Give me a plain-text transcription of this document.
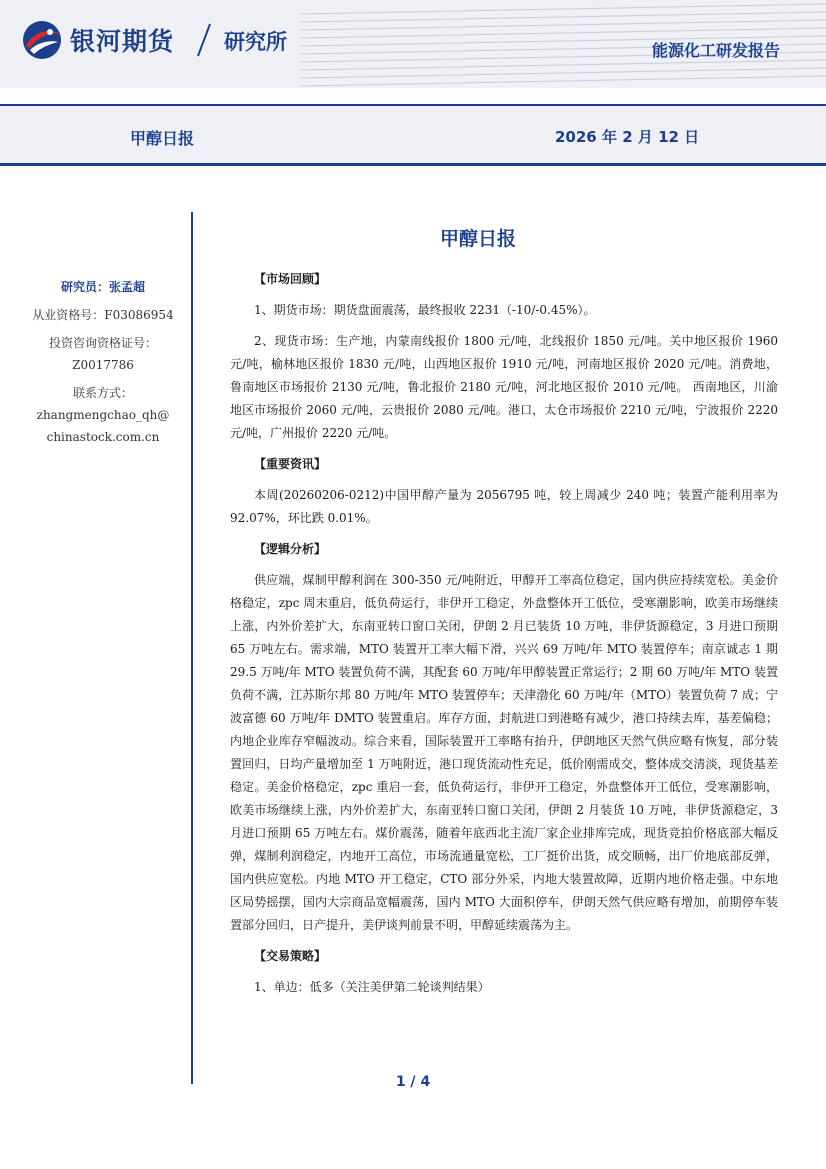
银河期货 研究所	能源化工研发报告
甲醇日报	2026 年 2 月 12 日
研究员：张孟超
从业资格号：F03086954
投资咨询资格证号：
Z0017786
联系方式：
zhangmengchao_qh@
chinastock.com.cn
甲醇日报
【市场回顾】

1、期货市场：期货盘面震荡，最终报收 2231（-10/-0.45%）。

2、现货市场：生产地，内蒙南线报价 1800 元/吨，北线报价 1850 元/吨。关中地区报价 1960 元/吨，榆林地区报价 1830 元/吨，山西地区报价 1910 元/吨，河南地区报价 2020 元/吨。消费地，鲁南地区市场报价 2130 元/吨，鲁北报价 2180 元/吨，河北地区报价 2010 元/吨。 西南地区，川渝地区市场报价 2060 元/吨，云贵报价 2080 元/吨。港口，太仓市场报价 2210 元/吨，宁波报价 2220 元/吨，广州报价 2220 元/吨。

【重要资讯】

本周(20260206-0212)中国甲醇产量为 2056795 吨，较上周减少 240 吨；装置产能利用率为 92.07%，环比跌 0.01%。

【逻辑分析】

供应端，煤制甲醇利润在 300-350 元/吨附近，甲醇开工率高位稳定，国内供应持续宽松。美金价格稳定，zpc 周末重启，低负荷运行，非伊开工稳定，外盘整体开工低位，受寒潮影响，欧美市场继续上涨，内外价差扩大，东南亚转口窗口关闭，伊朗 2 月已装货 10 万吨，非伊货源稳定，3 月进口预期 65 万吨左右。需求端，MTO 装置开工率大幅下滑，兴兴 69 万吨/年 MTO 装置停车；南京诚志 1 期 29.5 万吨/年 MTO 装置负荷不满，其配套 60 万吨/年甲醇装置正常运行；2 期 60 万吨/年 MTO 装置负荷不满，江苏斯尔邦 80 万吨/年 MTO 装置停车；天津渤化 60 万吨/年（MTO）装置负荷 7 成；宁波富德 60 万吨/年 DMTO 装置重启。库存方面，封航进口到港略有减少，港口持续去库，基差偏稳；内地企业库存窄幅波动。综合来看，国际装置开工率略有抬升，伊朗地区天然气供应略有恢复，部分装置回归，日均产量增加至 1 万吨附近，港口现货流动性充足，低价刚需成交，整体成交清淡，现货基差稳定。美金价格稳定，zpc 重启一套，低负荷运行，非伊开工稳定，外盘整体开工低位，受寒潮影响，欧美市场继续上涨，内外价差扩大，东南亚转口窗口关闭，伊朗 2 月装货 10 万吨，非伊货源稳定，3 月进口预期 65 万吨左右。煤价震荡，随着年底西北主流厂家企业排库完成，现货竞拍价格底部大幅反弹，煤制利润稳定，内地开工高位，市场流通量宽松，工厂挺价出货，成交顺畅，出厂价地底部反弹，国内供应宽松。内地 MTO 开工稳定，CTO 部分外采，内地大装置故障，近期内地价格走强。中东地区局势摇摆，国内大宗商品宽幅震荡，国内 MTO 大面积停车，伊朗天然气供应略有增加，前期停车装置部分回归，日产提升，美伊谈判前景不明，甲醇延续震荡为主。

【交易策略】

1、单边：低多（关注美伊第二轮谈判结果）

1 / 4
